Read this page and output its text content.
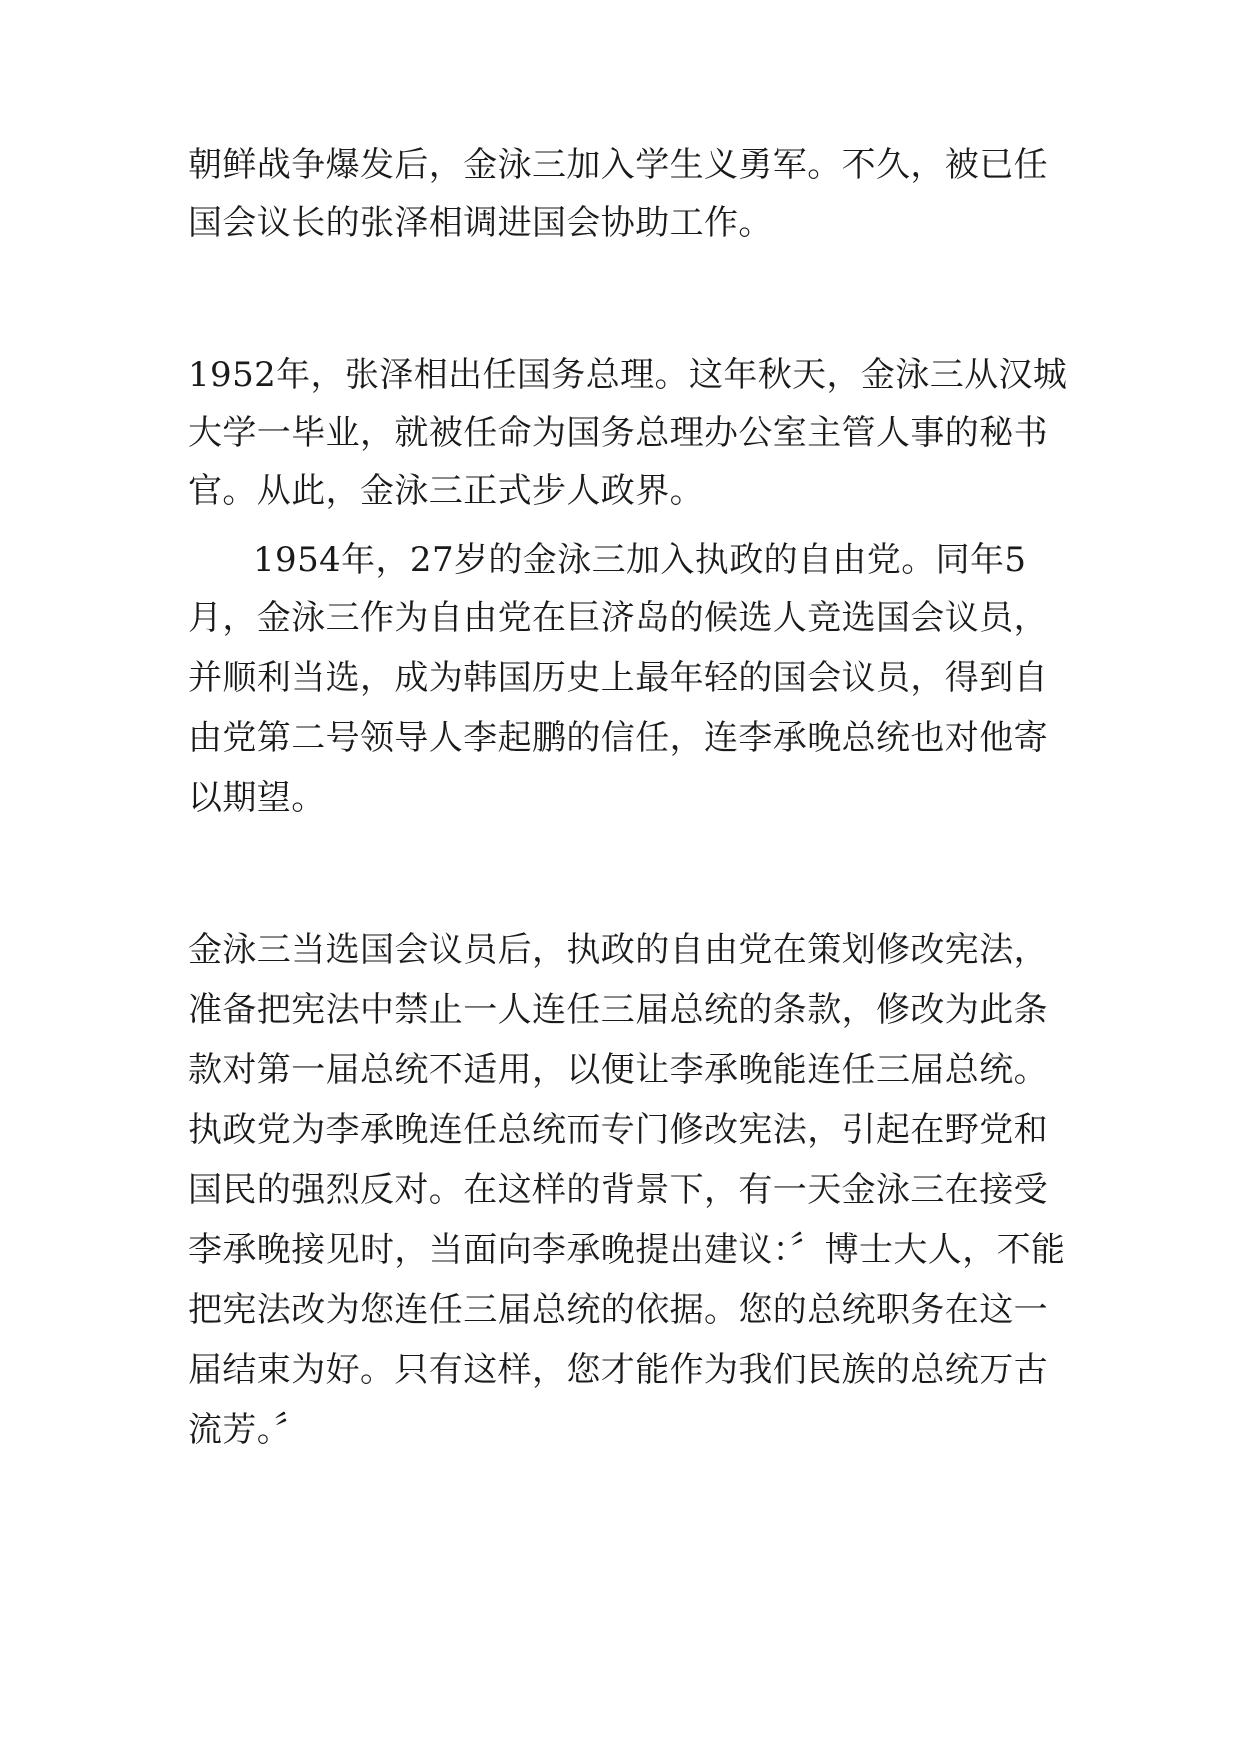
朝鲜战争爆发后，金泳三加入学生义勇军。不久，被已任

国会议长的张泽相调进国会协助工作。

1952年，张泽相出任国务总理。这年秋天，金泳三从汉城

大学一毕业，就被任命为国务总理办公室主管人事的秘书

官。从此，金泳三正式步人政界。

1954年，27岁的金泳三加入执政的自由党。同年5

月，金泳三作为自由党在巨济岛的候选人竞选国会议员，

并顺利当选，成为韩国历史上最年轻的国会议员，得到自

由党第二号领导人李起鹏的信任，连李承晚总统也对他寄

以期望。

金泳三当选国会议员后，执政的自由党在策划修改宪法，

准备把宪法中禁止一人连任三届总统的条款，修改为此条

款对第一届总统不适用，以便让李承晚能连任三届总统。

执政党为李承晚连任总统而专门修改宪法，引起在野党和

国民的强烈反对。在这样的背景下，有一天金泳三在接受

李承晚接见时，当面向李承晚提出建议：〞博士大人，不能

把宪法改为您连任三届总统的依据。您的总统职务在这一

届结束为好。只有这样，您才能作为我们民族的总统万古

流芳。〞
